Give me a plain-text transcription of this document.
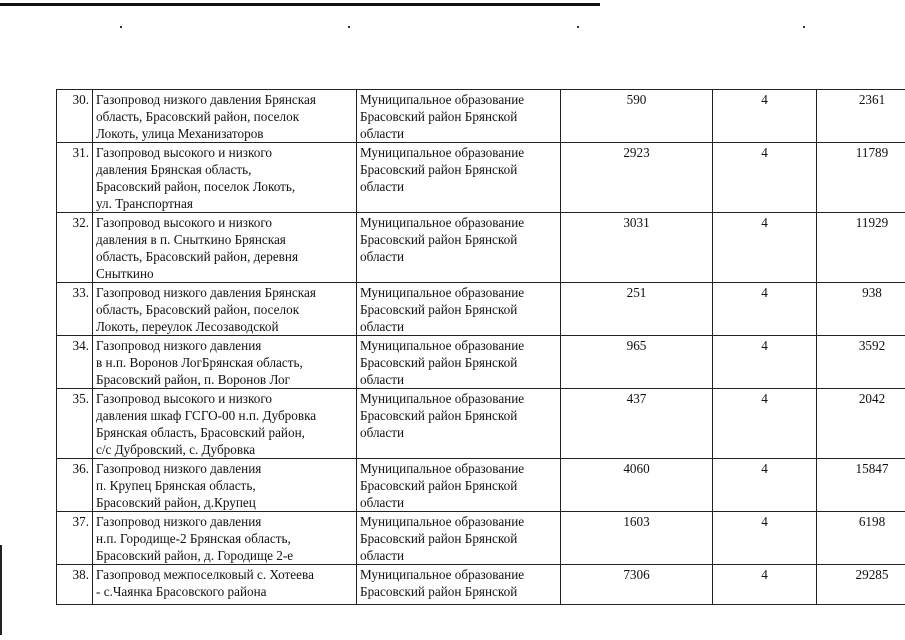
30.	Газопровод низкого давления Брянская
область, Брасовский район, поселок
Локоть, улица Механизаторов	Муниципальное образование
Брасовский район Брянской
области	590	4	2361
31.	Газопровод высокого и низкого
давления Брянская область,
Брасовский район, поселок Локоть,
ул. Транспортная	Муниципальное образование
Брасовский район Брянской
области	2923	4	11789
32.	Газопровод высокого и низкого
давления в п. Сныткино Брянская
область, Брасовский район, деревня
Сныткино	Муниципальное образование
Брасовский район Брянской
области	3031	4	11929
33.	Газопровод низкого давления Брянская
область, Брасовский район, поселок
Локоть, переулок Лесозаводской	Муниципальное образование
Брасовский район Брянской
области	251	4	938
34.	Газопровод низкого давления
в н.п. Воронов ЛогБрянская область,
Брасовский район, п. Воронов Лог	Муниципальное образование
Брасовский район Брянской
области	965	4	3592
35.	Газопровод высокого и низкого
давления шкаф ГСГО-00 н.п. Дубровка
Брянская область, Брасовский район,
с/с Дубровский, с. Дубровка	Муниципальное образование
Брасовский район Брянской
области	437	4	2042
36.	Газопровод низкого давления
п. Крупец Брянская область,
Брасовский район, д.Крупец	Муниципальное образование
Брасовский район Брянской
области	4060	4	15847
37.	Газопровод низкого давления
н.п. Городище-2 Брянская область,
Брасовский район, д. Городище 2-е	Муниципальное образование
Брасовский район Брянской
области	1603	4	6198
38.	Газопровод межпоселковый с. Хотеева
- с.Чаянка Брасовского района	Муниципальное образование
Брасовский район Брянской	7306	4	29285
